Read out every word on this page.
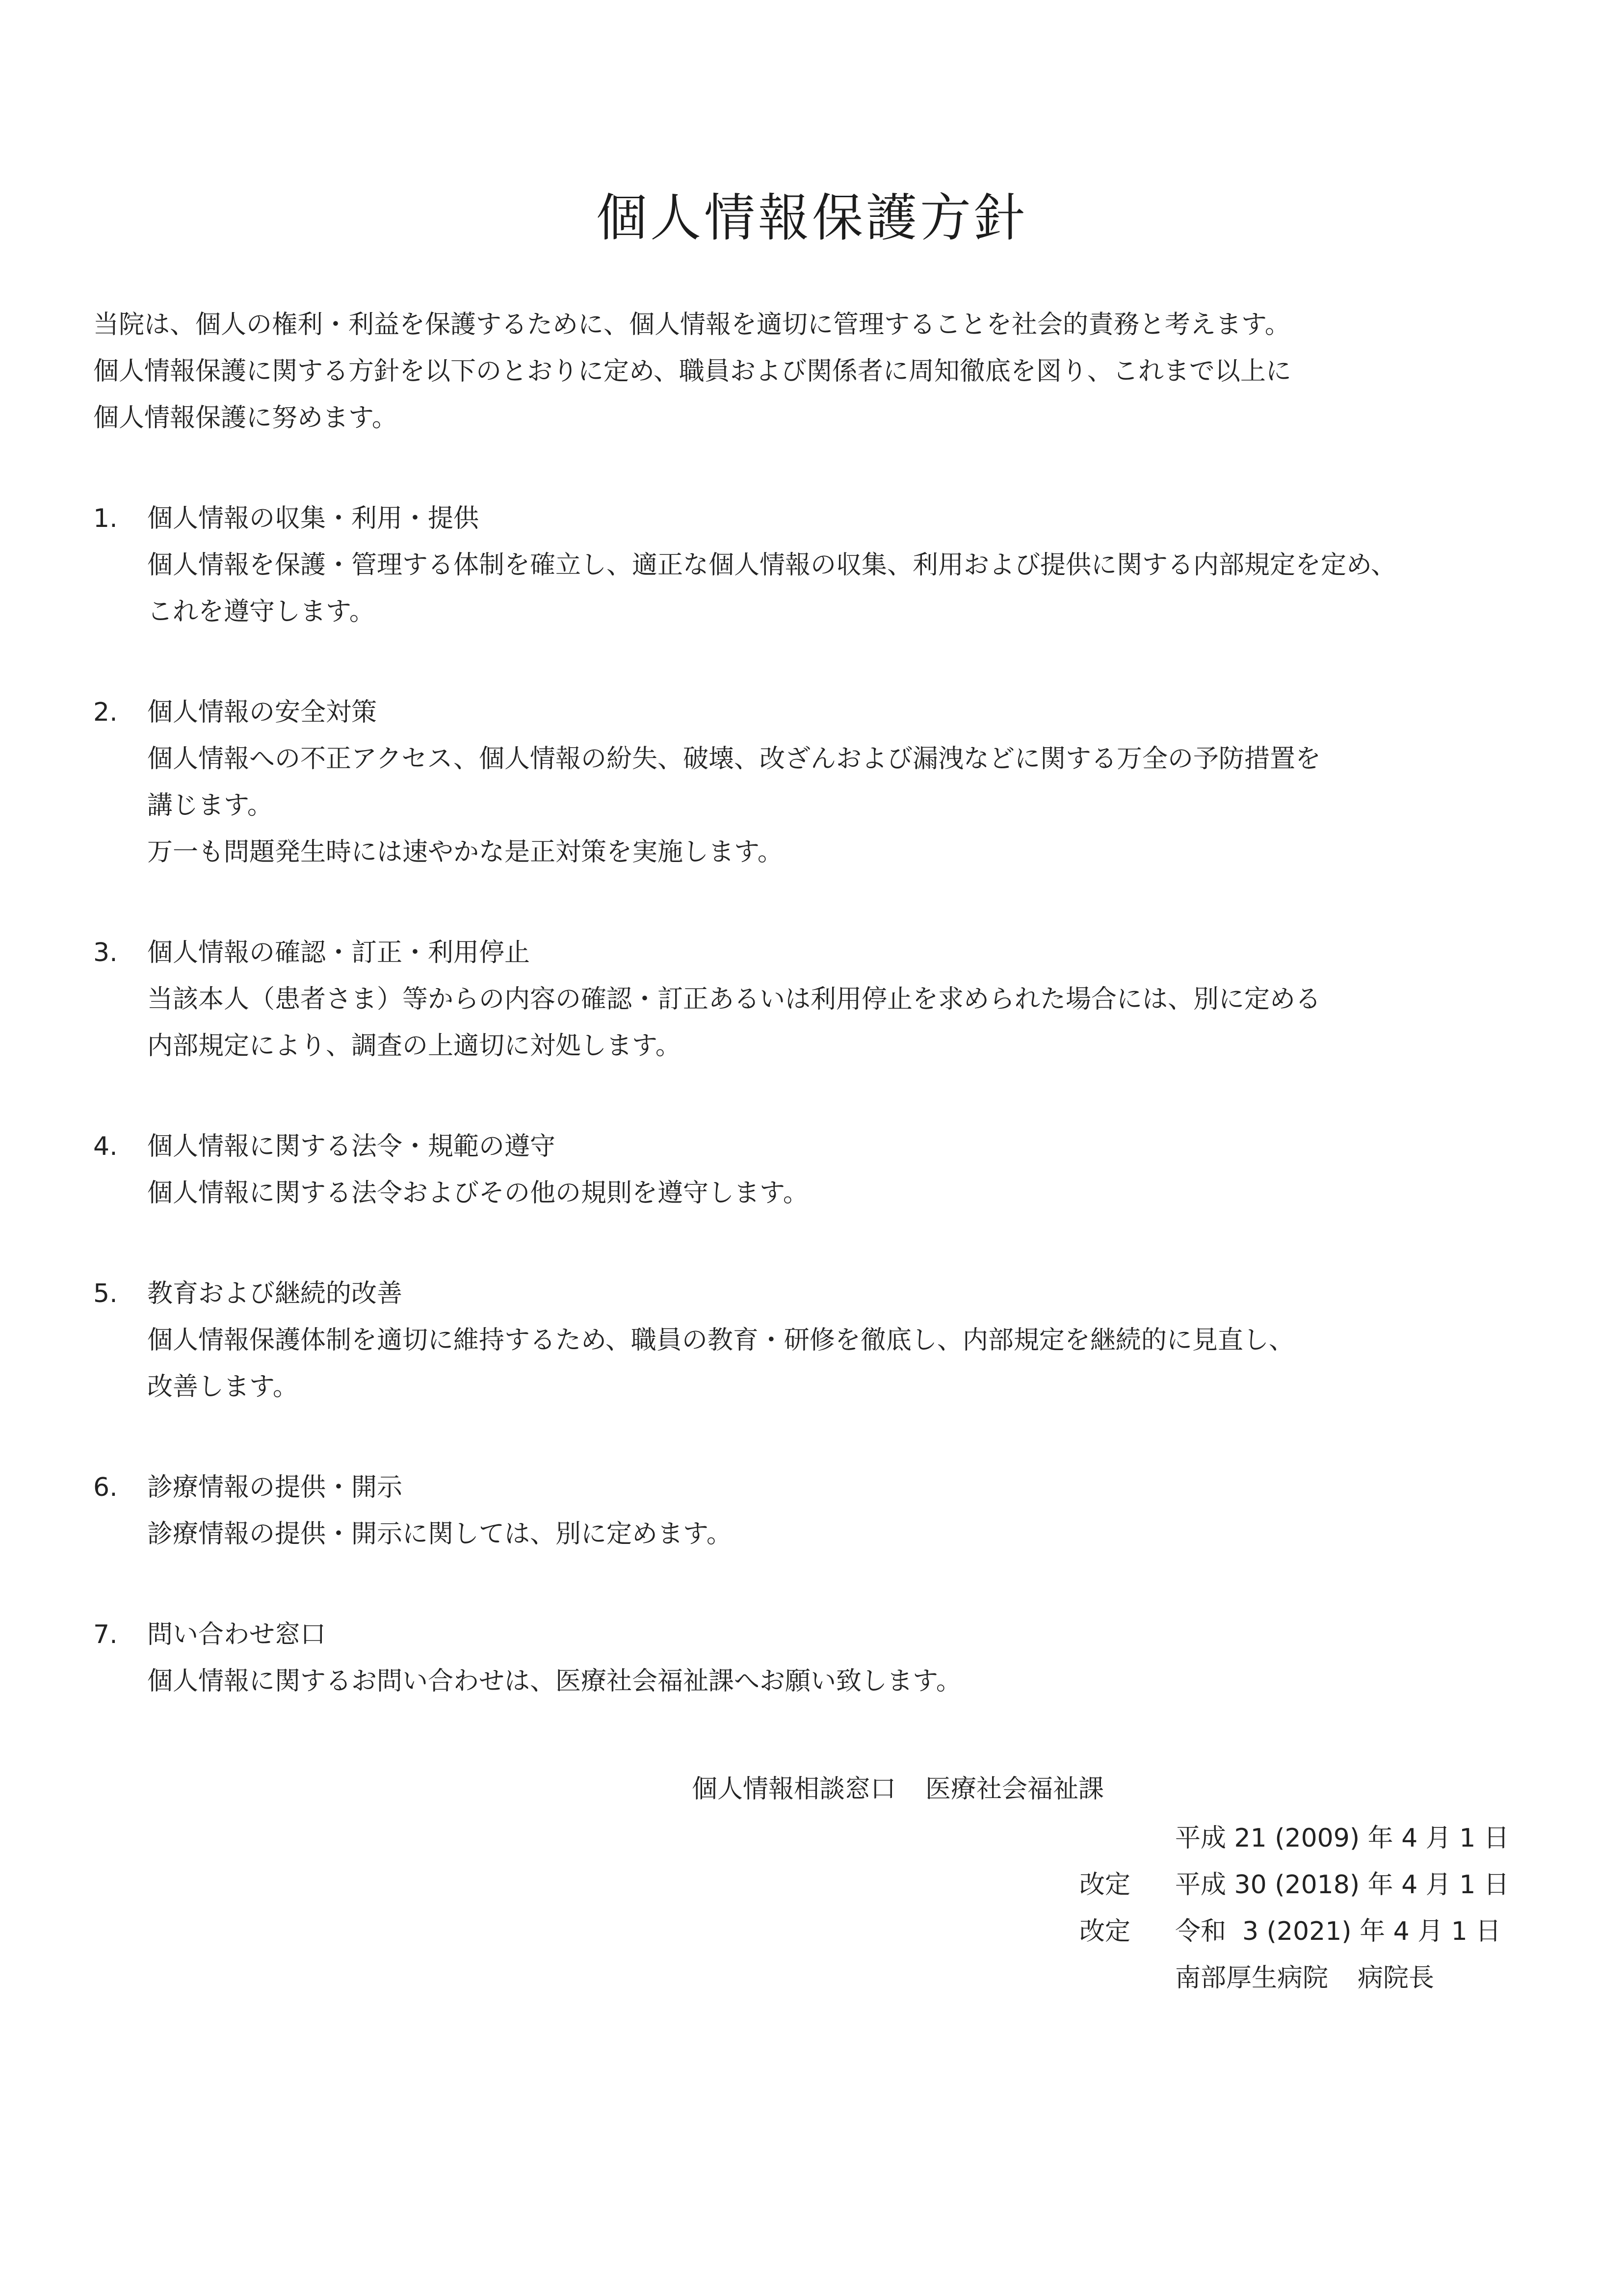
個人情報保護方針
当院は、個人の権利・利益を保護するために、個人情報を適切に管理することを社会的責務と考えます。
個人情報保護に関する方針を以下のとおりに定め、職員および関係者に周知徹底を図り、これまで以上に
個人情報保護に努めます。
1. 個人情報の収集・利用・提供
個人情報を保護・管理する体制を確立し、適正な個人情報の収集、利用および提供に関する内部規定を定め、
これを遵守します。
2. 個人情報の安全対策
個人情報への不正アクセス、個人情報の紛失、破壊、改ざんおよび漏洩などに関する万全の予防措置を
講じます。
万一も問題発生時には速やかな是正対策を実施します。
3. 個人情報の確認・訂正・利用停止
当該本人（患者さま）等からの内容の確認・訂正あるいは利用停止を求められた場合には、別に定める
内部規定により、調査の上適切に対処します。
4. 個人情報に関する法令・規範の遵守
個人情報に関する法令およびその他の規則を遵守します。
5. 教育および継続的改善
個人情報保護体制を適切に維持するため、職員の教育・研修を徹底し、内部規定を継続的に見直し、
改善します。
6. 診療情報の提供・開示
診療情報の提供・開示に関しては、別に定めます。
7. 問い合わせ窓口
個人情報に関するお問い合わせは、医療社会福祉課へお願い致します。
個人情報相談窓口 医療社会福祉課
平成 21 (2009) 年 4 月 1 日
改定 平成 30 (2018) 年 4 月 1 日
改定 令和  3 (2021) 年 4 月 1 日
南部厚生病院 病院長
